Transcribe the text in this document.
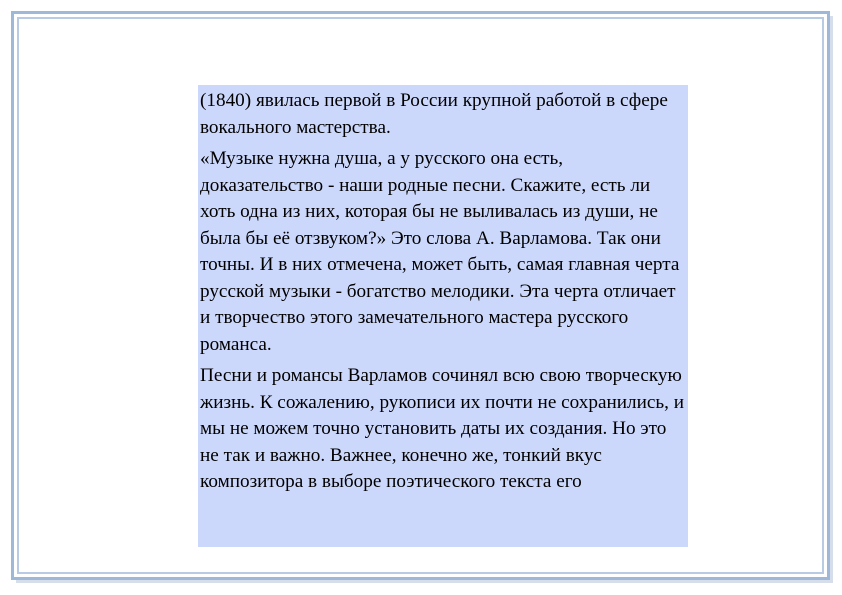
(1840) явилась первой в России крупной работой в сфере вокального мастерства.

«Музыке нужна душа, а у русского она есть, доказательство - наши родные песни. Скажите, есть ли хоть одна из них, которая бы не выливалась из души, не была бы её отзвуком?» Это слова А. Варламова. Так они точны. И в них отмечена, может быть, самая главная черта русской музыки - богатство мелодики. Эта черта отличает и творчество этого замечательного мастера русского романса.

Песни и романсы Варламов сочинял всю свою творческую жизнь. К сожалению, рукописи их почти не сохранились, и мы не можем точно установить даты их создания. Но это не так и важно. Важнее, конечно же, тонкий вкус композитора в выборе поэтического текста его
